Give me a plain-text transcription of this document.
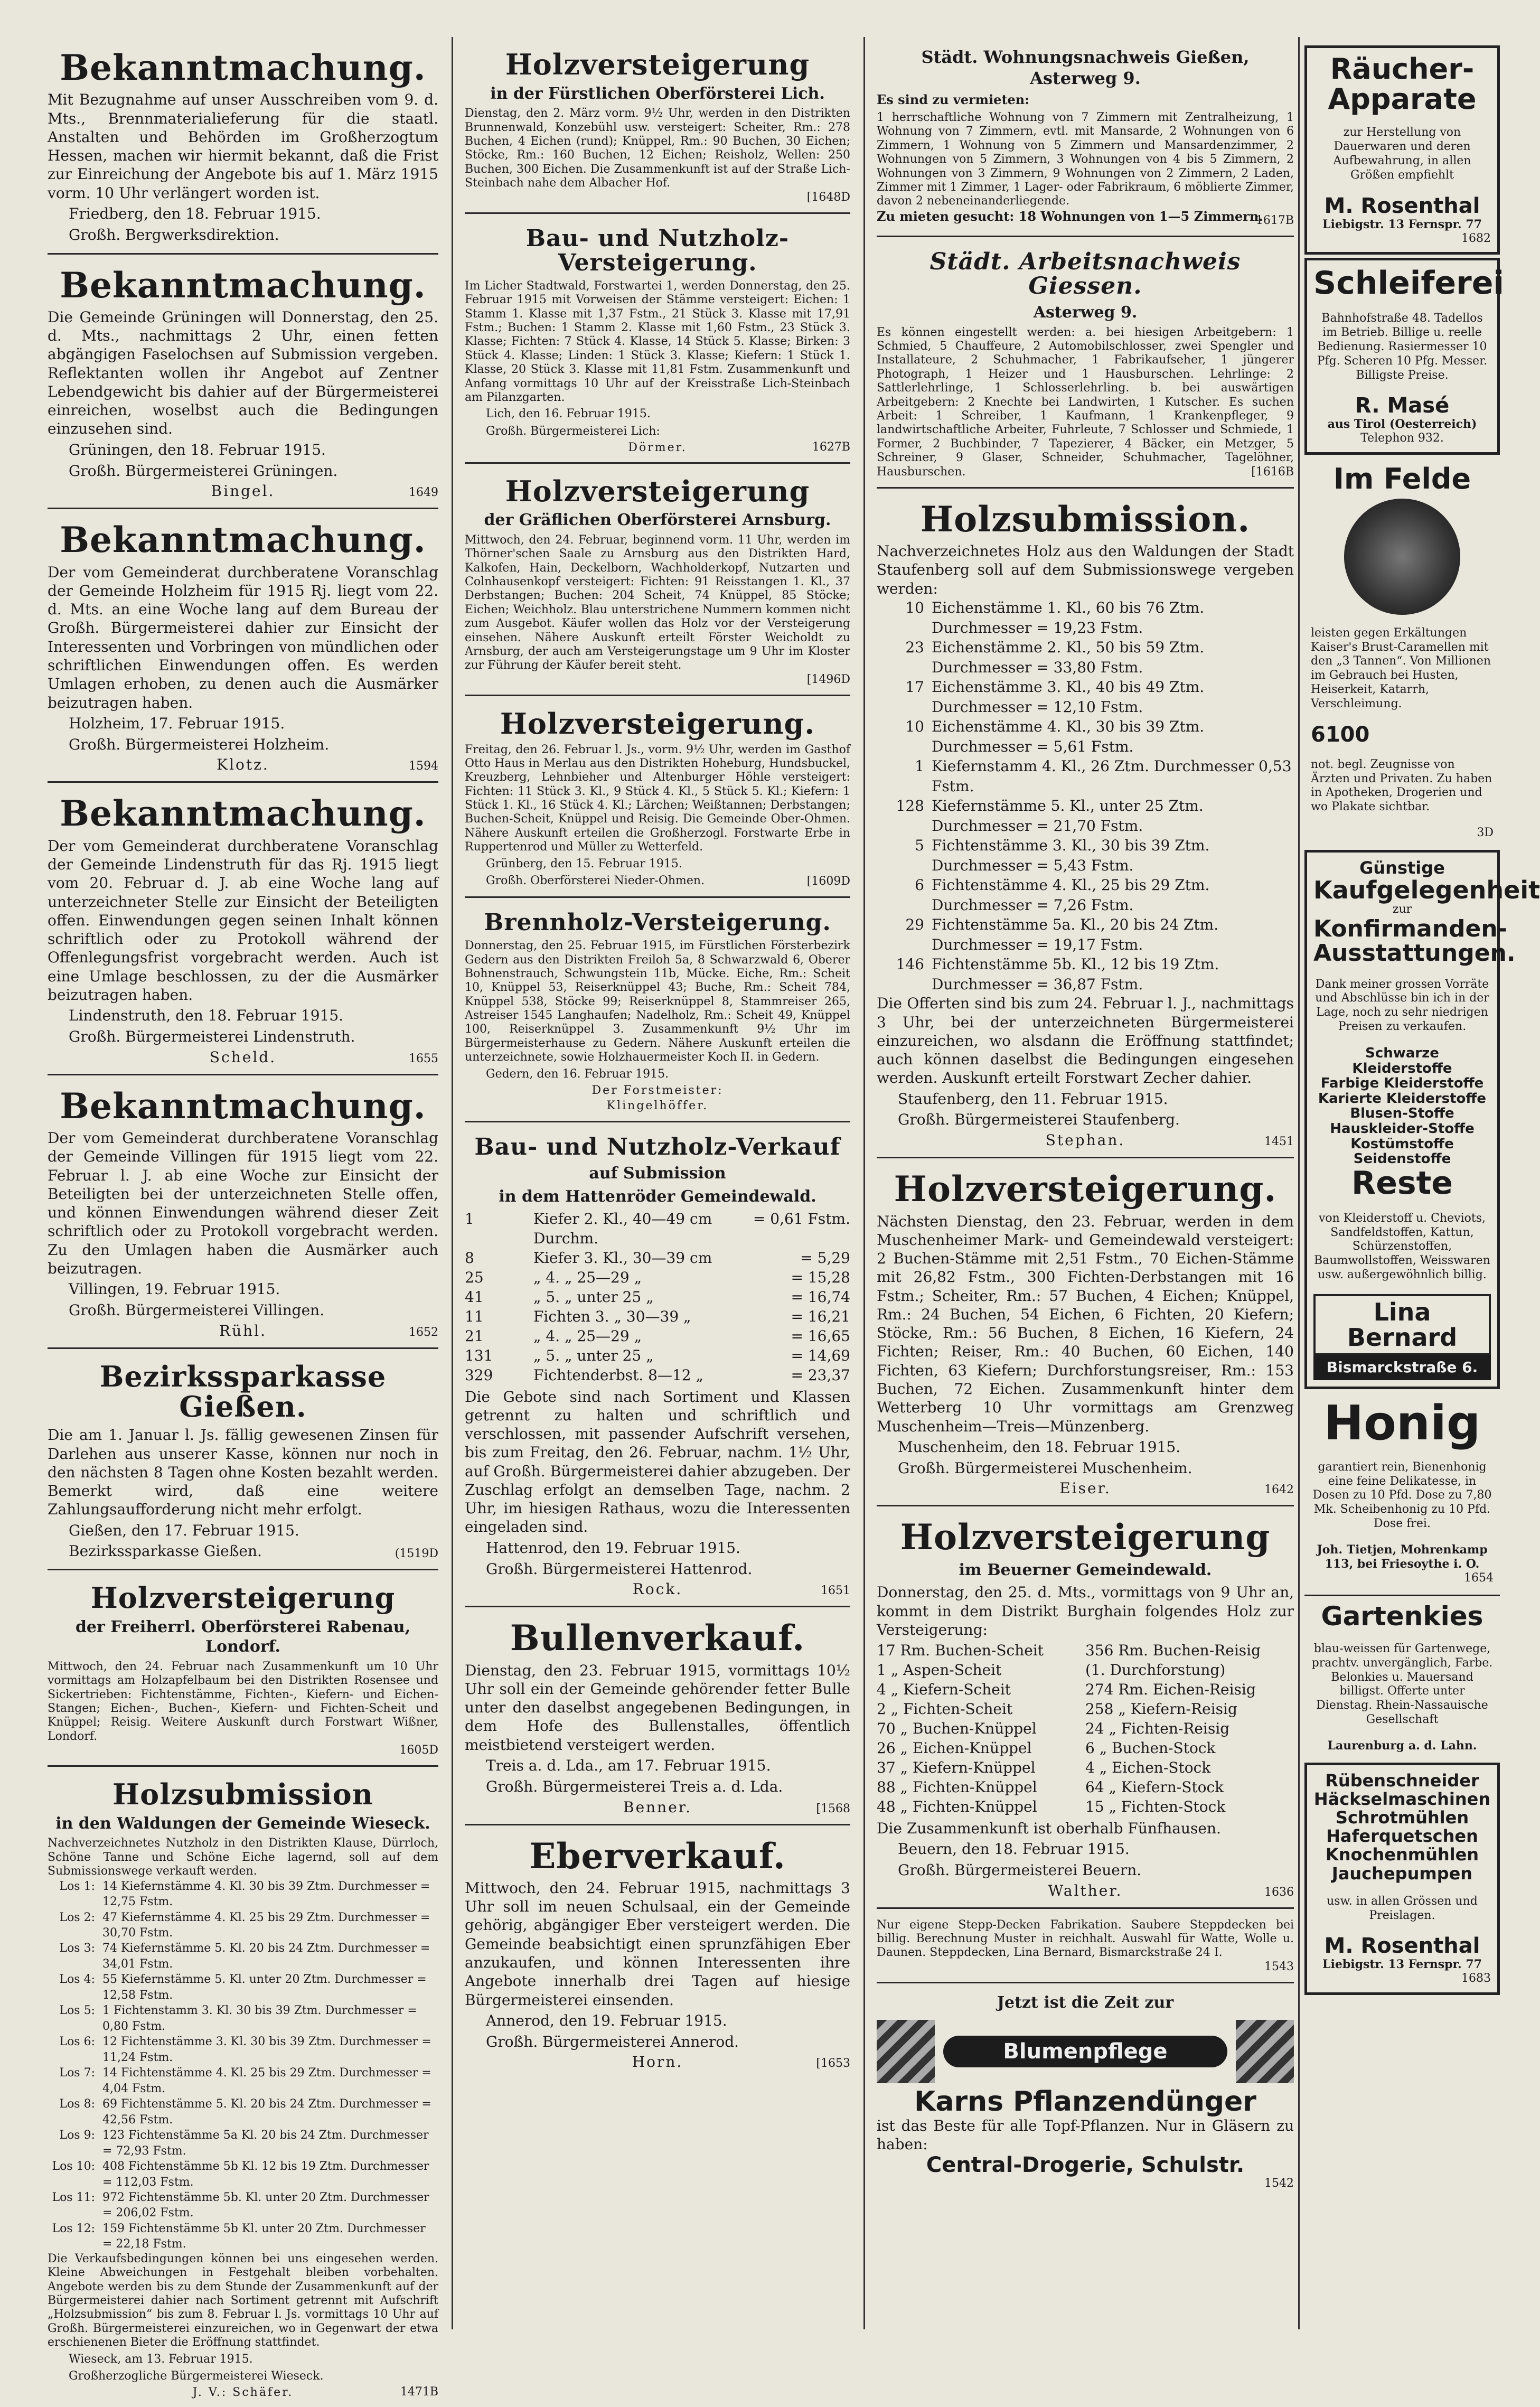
Bekanntmachung.

Mit Bezugnahme auf unser Ausschreiben vom 9. d. Mts., Brennmaterialieferung für die staatl. Anstalten und Behörden im Großherzogtum Hessen, machen wir hiermit bekannt, daß die Frist zur Einreichung der Angebote bis auf 1. März 1915 vorm. 10 Uhr verlängert worden ist.

Friedberg, den 18. Februar 1915.

Großh. Bergwerksdirektion.

Bekanntmachung.

Die Gemeinde Grüningen will Donnerstag, den 25. d. Mts., nachmittags 2 Uhr, einen fetten abgängigen Faselochsen auf Submission vergeben. Reflektanten wollen ihr Angebot auf Zentner Lebendgewicht bis dahier auf der Bürgermeisterei einreichen, woselbst auch die Bedingungen einzusehen sind.

Grüningen, den 18. Februar 1915.

Großh. Bürgermeisterei Grüningen.

Bingel.	1649

Bekanntmachung.

Der vom Gemeinderat durchberatene Voranschlag der Gemeinde Holzheim für 1915 Rj. liegt vom 22. d. Mts. an eine Woche lang auf dem Bureau der Großh. Bürgermeisterei dahier zur Einsicht der Interessenten und Vorbringen von mündlichen oder schriftlichen Einwendungen offen. Es werden Umlagen erhoben, zu denen auch die Ausmärker beizutragen haben.

Holzheim, 17. Februar 1915.

Großh. Bürgermeisterei Holzheim.

Klotz.	1594

Bekanntmachung.

Der vom Gemeinderat durchberatene Voranschlag der Gemeinde Lindenstruth für das Rj. 1915 liegt vom 20. Februar d. J. ab eine Woche lang auf unterzeichneter Stelle zur Einsicht der Beteiligten offen. Einwendungen gegen seinen Inhalt können schriftlich oder zu Protokoll während der Offenlegungsfrist vorgebracht werden. Auch ist eine Umlage beschlossen, zu der die Ausmärker beizutragen haben.

Lindenstruth, den 18. Februar 1915.

Großh. Bürgermeisterei Lindenstruth.

Scheld.	1655

Bekanntmachung.

Der vom Gemeinderat durchberatene Voranschlag der Gemeinde Villingen für 1915 liegt vom 22. Februar l. J. ab eine Woche zur Einsicht der Beteiligten bei der unterzeichneten Stelle offen, und können Einwendungen während dieser Zeit schriftlich oder zu Protokoll vorgebracht werden. Zu den Umlagen haben die Ausmärker auch beizutragen.

Villingen, 19. Februar 1915.

Großh. Bürgermeisterei Villingen.

Rühl.	1652

Bezirkssparkasse Gießen.

Die am 1. Januar l. Js. fällig gewesenen Zinsen für Darlehen aus unserer Kasse, können nur noch in den nächsten 8 Tagen ohne Kosten bezahlt werden. Bemerkt wird, daß eine weitere Zahlungsaufforderung nicht mehr erfolgt.

Gießen, den 17. Februar 1915.

Bezirkssparkasse Gießen.	(1519D

Holzversteigerung

der Freiherrl. Oberförsterei Rabenau, Londorf.

Mittwoch, den 24. Februar nach Zusammenkunft um 10 Uhr vormittags am Holzapfelbaum bei den Distrikten Rosensee und Sickertrieben: Fichtenstämme, Fichten-, Kiefern- und Eichen-Stangen; Eichen-, Buchen-, Kiefern- und Fichten-Scheit und Knüppel; Reisig. Weitere Auskunft durch Forstwart Wißner, Londorf.

1605D

Holzsubmission

in den Waldungen der Gemeinde Wieseck.

Nachverzeichnetes Nutzholz in den Distrikten Klause, Dürrloch, Schöne Tanne und Schöne Eiche lagernd, soll auf dem Submissionswege verkauft werden.

Los 1: 14 Kiefernstämme 4. Kl. 30 bis 39 Ztm. Durchmesser = 12,75 Fstm.
Los 2: 47 Kiefernstämme 4. Kl. 25 bis 29 Ztm. Durchmesser = 30,70 Fstm.
Los 3: 74 Kiefernstämme 5. Kl. 20 bis 24 Ztm. Durchmesser = 34,01 Fstm.
Los 4: 55 Kiefernstämme 5. Kl. unter 20 Ztm. Durchmesser = 12,58 Fstm.
Los 5: 1 Fichtenstamm 3. Kl. 30 bis 39 Ztm. Durchmesser = 0,80 Fstm.
Los 6: 12 Fichtenstämme 3. Kl. 30 bis 39 Ztm. Durchmesser = 11,24 Fstm.
Los 7: 14 Fichtenstämme 4. Kl. 25 bis 29 Ztm. Durchmesser = 4,04 Fstm.
Los 8: 69 Fichtenstämme 5. Kl. 20 bis 24 Ztm. Durchmesser = 42,56 Fstm.
Los 9: 123 Fichtenstämme 5a Kl. 20 bis 24 Ztm. Durchmesser = 72,93 Fstm.
Los 10: 408 Fichtenstämme 5b Kl. 12 bis 19 Ztm. Durchmesser = 112,03 Fstm.
Los 11: 972 Fichtenstämme 5b. Kl. unter 20 Ztm. Durchmesser = 206,02 Fstm.
Los 12: 159 Fichtenstämme 5b Kl. unter 20 Ztm. Durchmesser = 22,18 Fstm.

Die Verkaufsbedingungen können bei uns eingesehen werden. Kleine Abweichungen in Festgehalt bleiben vorbehalten. Angebote werden bis zu dem Stunde der Zusammenkunft auf der Bürgermeisterei dahier nach Sortiment getrennt mit Aufschrift „Holzsubmission“ bis zum 8. Februar l. Js. vormittags 10 Uhr auf Großh. Bürgermeisterei einzureichen, wo in Gegenwart der etwa erschienenen Bieter die Eröffnung stattfindet.

Wieseck, am 13. Februar 1915.

Großherzogliche Bürgermeisterei Wieseck.

J. V.: Schäfer.	1471B

Holzversteigerung

in der Fürstlichen Oberförsterei Lich.

Dienstag, den 2. März vorm. 9½ Uhr, werden in den Distrikten Brunnenwald, Konzebühl usw. versteigert: Scheiter, Rm.: 278 Buchen, 4 Eichen (rund); Knüppel, Rm.: 90 Buchen, 30 Eichen; Stöcke, Rm.: 160 Buchen, 12 Eichen; Reisholz, Wellen: 250 Buchen, 300 Eichen. Die Zusammenkunft ist auf der Straße Lich-Steinbach nahe dem Albacher Hof.

[1648D

Bau- und Nutzholz-Versteigerung.

Im Licher Stadtwald, Forstwartei 1, werden Donnerstag, den 25. Februar 1915 mit Vorweisen der Stämme versteigert: Eichen: 1 Stamm 1. Klasse mit 1,37 Fstm., 21 Stück 3. Klasse mit 17,91 Fstm.; Buchen: 1 Stamm 2. Klasse mit 1,60 Fstm., 23 Stück 3. Klasse; Fichten: 7 Stück 4. Klasse, 14 Stück 5. Klasse; Birken: 3 Stück 4. Klasse; Linden: 1 Stück 3. Klasse; Kiefern: 1 Stück 1. Klasse, 20 Stück 3. Klasse mit 11,81 Fstm. Zusammenkunft und Anfang vormittags 10 Uhr auf der Kreisstraße Lich-Steinbach am Pilanzgarten.

Lich, den 16. Februar 1915.

Großh. Bürgermeisterei Lich:

Dörmer.	1627B

Holzversteigerung

der Gräflichen Oberförsterei Arnsburg.

Mittwoch, den 24. Februar, beginnend vorm. 11 Uhr, werden im Thörner'schen Saale zu Arnsburg aus den Distrikten Hard, Kalkofen, Hain, Deckelborn, Wachholderkopf, Nutzarten und Colnhausenkopf versteigert: Fichten: 91 Reisstangen 1. Kl., 37 Derbstangen; Buchen: 204 Scheit, 74 Knüppel, 85 Stöcke; Eichen; Weichholz. Blau unterstrichene Nummern kommen nicht zum Ausgebot. Käufer wollen das Holz vor der Versteigerung einsehen. Nähere Auskunft erteilt Förster Weicholdt zu Arnsburg, der auch am Versteigerungstage um 9 Uhr im Kloster zur Führung der Käufer bereit steht.

[1496D

Holzversteigerung.

Freitag, den 26. Februar l. Js., vorm. 9½ Uhr, werden im Gasthof Otto Haus in Merlau aus den Distrikten Hoheburg, Hundsbuckel, Kreuzberg, Lehnbieher und Altenburger Höhle versteigert: Fichten: 11 Stück 3. Kl., 9 Stück 4. Kl., 5 Stück 5. Kl.; Kiefern: 1 Stück 1. Kl., 16 Stück 4. Kl.; Lärchen; Weißtannen; Derbstangen; Buchen-Scheit, Knüppel und Reisig. Die Gemeinde Ober-Ohmen. Nähere Auskunft erteilen die Großherzogl. Forstwarte Erbe in Ruppertenrod und Müller zu Wetterfeld.

Grünberg, den 15. Februar 1915.

Großh. Oberförsterei Nieder-Ohmen.	[1609D

Brennholz-Versteigerung.

Donnerstag, den 25. Februar 1915, im Fürstlichen Försterbezirk Gedern aus den Distrikten Freiloh 5a, 8 Schwarzwald 6, Oberer Bohnenstrauch, Schwungstein 11b, Mücke. Eiche, Rm.: Scheit 10, Knüppel 53, Reiserknüppel 43; Buche, Rm.: Scheit 784, Knüppel 538, Stöcke 99; Reiserknüppel 8, Stammreiser 265, Astreiser 1545 Langhaufen; Nadelholz, Rm.: Scheit 49, Knüppel 100, Reiserknüppel 3. Zusammenkunft 9½ Uhr im Bürgermeisterhause zu Gedern. Nähere Auskunft erteilen die unterzeichnete, sowie Holzhauermeister Koch II. in Gedern.

Gedern, den 16. Februar 1915.

Der Forstmeister:

Klingelhöffer.

Bau- und Nutzholz-Verkauf

auf Submission

in dem Hattenröder Gemeindewald.

1	Kiefer 2. Kl., 40—49 cm Durchm.
= 0,61 Fstm.
8	Kiefer 3. Kl., 30—39 cm	= 5,29
25	„ 4. „ 25—29 „	= 15,28
41	„ 5. „ unter 25 „	= 16,74
11	Fichten 3. „ 30—39 „	= 16,21
21	„ 4. „ 25—29 „	= 16,65
131	„ 5. „ unter 25 „	= 14,69
329	Fichtenderbst. 8—12 „	= 23,37

Die Gebote sind nach Sortiment und Klassen getrennt zu halten und schriftlich und verschlossen, mit passender Aufschrift versehen, bis zum Freitag, den 26. Februar, nachm. 1½ Uhr, auf Großh. Bürgermeisterei dahier abzugeben. Der Zuschlag erfolgt an demselben Tage, nachm. 2 Uhr, im hiesigen Rathaus, wozu die Interessenten eingeladen sind.

Hattenrod, den 19. Februar 1915.

Großh. Bürgermeisterei Hattenrod.

Rock.	1651

Bullenverkauf.

Dienstag, den 23. Februar 1915, vormittags 10½ Uhr soll ein der Gemeinde gehörender fetter Bulle unter den daselbst angegebenen Bedingungen, in dem Hofe des Bullenstalles, öffentlich meistbietend versteigert werden.

Treis a. d. Lda., am 17. Februar 1915.

Großh. Bürgermeisterei Treis a. d. Lda.

Benner.	[1568

Eberverkauf.

Mittwoch, den 24. Februar 1915, nachmittags 3 Uhr soll im neuen Schulsaal, ein der Gemeinde gehörig, abgängiger Eber versteigert werden. Die Gemeinde beabsichtigt einen sprunzfähigen Eber anzukaufen, und können Interessenten ihre Angebote innerhalb drei Tagen auf hiesige Bürgermeisterei einsenden.

Annerod, den 19. Februar 1915.

Großh. Bürgermeisterei Annerod.

Horn.	[1653

Städt. Wohnungsnachweis Gießen, Asterweg 9.

Es sind zu vermieten:

1 herrschaftliche Wohnung von 7 Zimmern mit Zentralheizung, 1 Wohnung von 7 Zimmern, evtl. mit Mansarde, 2 Wohnungen von 6 Zimmern, 1 Wohnung von 5 Zimmern und Mansardenzimmer, 2 Wohnungen von 5 Zimmern, 3 Wohnungen von 4 bis 5 Zimmern, 2 Wohnungen von 3 Zimmern, 9 Wohnungen von 2 Zimmern, 2 Laden, Zimmer mit 1 Zimmer, 1 Lager- oder Fabrikraum, 6 möblierte Zimmer, davon 2 nebeneinanderliegende.

Zu mieten gesucht: 18 Wohnungen von 1—5 Zimmern.

1617B

Städt. Arbeitsnachweis Giessen.

Asterweg 9.

Es können eingestellt werden: a. bei hiesigen Arbeitgebern: 1 Schmied, 5 Chauffeure, 2 Automobilschlosser, zwei Spengler und Installateure, 2 Schuhmacher, 1 Fabrikaufseher, 1 jüngerer Photograph, 1 Heizer und 1 Hausburschen. Lehrlinge: 2 Sattlerlehrlinge, 1 Schlosserlehrling. b. bei auswärtigen Arbeitgebern: 2 Knechte bei Landwirten, 1 Kutscher. Es suchen Arbeit: 1 Schreiber, 1 Kaufmann, 1 Krankenpfleger, 9 landwirtschaftliche Arbeiter, Fuhrleute, 7 Schlosser und Schmiede, 1 Former, 2 Buchbinder, 7 Tapezierer, 4 Bäcker, ein Metzger, 5 Schreiner, 9 Glaser, Schneider, Schuhmacher, Tagelöhner, Hausburschen.	[1616B

Holzsubmission.

Nachverzeichnetes Holz aus den Waldungen der Stadt Staufenberg soll auf dem Submissionswege vergeben werden:

10 Eichenstämme 1. Kl., 60 bis 76 Ztm. Durchmesser = 19,23 Fstm.
23 Eichenstämme 2. Kl., 50 bis 59 Ztm. Durchmesser = 33,80 Fstm.
17 Eichenstämme 3. Kl., 40 bis 49 Ztm. Durchmesser = 12,10 Fstm.
10 Eichenstämme 4. Kl., 30 bis 39 Ztm. Durchmesser = 5,61 Fstm.
1 Kiefernstamm 4. Kl., 26 Ztm. Durchmesser 0,53 Fstm.
128 Kiefernstämme 5. Kl., unter 25 Ztm. Durchmesser = 21,70 Fstm.
5 Fichtenstämme 3. Kl., 30 bis 39 Ztm. Durchmesser = 5,43 Fstm.
6 Fichtenstämme 4. Kl., 25 bis 29 Ztm. Durchmesser = 7,26 Fstm.
29 Fichtenstämme 5a. Kl., 20 bis 24 Ztm. Durchmesser = 19,17 Fstm.
146 Fichtenstämme 5b. Kl., 12 bis 19 Ztm. Durchmesser = 36,87 Fstm.

Die Offerten sind bis zum 24. Februar l. J., nachmittags 3 Uhr, bei der unterzeichneten Bürgermeisterei einzureichen, wo alsdann die Eröffnung stattfindet; auch können daselbst die Bedingungen eingesehen werden. Auskunft erteilt Forstwart Zecher dahier.

Staufenberg, den 11. Februar 1915.

Großh. Bürgermeisterei Staufenberg.

Stephan.	1451

Holzversteigerung.

Nächsten Dienstag, den 23. Februar, werden in dem Muschenheimer Mark- und Gemeindewald versteigert: 2 Buchen-Stämme mit 2,51 Fstm., 70 Eichen-Stämme mit 26,82 Fstm., 300 Fichten-Derbstangen mit 16 Fstm.; Scheiter, Rm.: 57 Buchen, 4 Eichen; Knüppel, Rm.: 24 Buchen, 54 Eichen, 6 Fichten, 20 Kiefern; Stöcke, Rm.: 56 Buchen, 8 Eichen, 16 Kiefern, 24 Fichten; Reiser, Rm.: 40 Buchen, 60 Eichen, 140 Fichten, 63 Kiefern; Durchforstungsreiser, Rm.: 153 Buchen, 72 Eichen. Zusammenkunft hinter dem Wetterberg 10 Uhr vormittags am Grenzweg Muschenheim—Treis—Münzenberg.

Muschenheim, den 18. Februar 1915.

Großh. Bürgermeisterei Muschenheim.

Eiser.	1642

Holzversteigerung

im Beuerner Gemeindewald.

Donnerstag, den 25. d. Mts., vormittags von 9 Uhr an, kommt in dem Distrikt Burghain folgendes Holz zur Versteigerung:

17 Rm. Buchen-Scheit	356 Rm. Buchen-Reisig
1 „ Aspen-Scheit	(1. Durchforstung)
4 „ Kiefern-Scheit	274 Rm. Eichen-Reisig
2 „ Fichten-Scheit	258 „ Kiefern-Reisig
70 „ Buchen-Knüppel	24 „ Fichten-Reisig
26 „ Eichen-Knüppel	6 „ Buchen-Stock
37 „ Kiefern-Knüppel	4 „ Eichen-Stock
88 „ Fichten-Knüppel	64 „ Kiefern-Stock
48 „ Fichten-Knüppel	15 „ Fichten-Stock

Die Zusammenkunft ist oberhalb Fünfhausen.

Beuern, den 18. Februar 1915.

Großh. Bürgermeisterei Beuern.

Walther.	1636

Nur eigene Stepp-Decken Fabrikation. Saubere Steppdecken bei billig. Berechnung Muster in reichhalt. Auswahl für Watte, Wolle u. Daunen. Steppdecken, Lina Bernard, Bismarckstraße 24 I.

1543

Jetzt ist die Zeit zur

Blumenpflege
Karns Pflanzendünger

ist das Beste für alle Topf-Pflanzen. Nur in Gläsern zu haben:

Central-Drogerie, Schulstr.

1542

Räucher-Apparate

zur Herstellung von Dauerwaren und deren Aufbewahrung, in allen Größen empfiehlt

M. Rosenthal
Liebigstr. 13 Fernspr. 77
1682
Schleiferei

Bahnhofstraße 48. Tadellos im Betrieb. Billige u. reelle Bedienung. Rasiermesser 10 Pfg. Scheren 10 Pfg. Messer. Billigste Preise.

R. Masé
aus Tirol (Oesterreich)
Telephon 932.
Im Felde

leisten gegen Erkältungen Kaiser's Brust-Caramellen mit den „3 Tannen“. Von Millionen im Gebrauch bei Husten, Heiserkeit, Katarrh, Verschleimung.

6100

not. begl. Zeugnisse von Ärzten und Privaten. Zu haben in Apotheken, Drogerien und wo Plakate sichtbar.

3D
Günstige
Kaufgelegenheit
zur
Konfirmanden-Ausstattungen.

Dank meiner grossen Vorräte und Abschlüsse bin ich in der Lage, noch zu sehr niedrigen Preisen zu verkaufen.

Schwarze Kleiderstoffe
Farbige Kleiderstoffe
Karierte Kleiderstoffe
Blusen-Stoffe
Hauskleider-Stoffe
Kostümstoffe
Seidenstoffe
Reste

von Kleiderstoff u. Cheviots, Sandfeldstoffen, Kattun, Schürzenstoffen, Baumwollstoffen, Weisswaren usw. außergewöhnlich billig.

Lina Bernard
Bismarckstraße 6.
Honig

garantiert rein, Bienenhonig eine feine Delikatesse, in Dosen zu 10 Pfd. Dose zu 7,80 Mk. Scheibenhonig zu 10 Pfd. Dose frei.

Joh. Tietjen, Mohrenkamp 113, bei Friesoythe i. O.
1654
Gartenkies

blau-weissen für Gartenwege, prachtv. unvergänglich, Farbe. Belonkies u. Mauersand billigst. Offerte unter Dienstag. Rhein-Nassauische Gesellschaft

Laurenburg a. d. Lahn.
Rübenschneider
Häckselmaschinen
Schrotmühlen
Haferquetschen
Knochenmühlen
Jauchepumpen

usw. in allen Grössen und Preislagen.

M. Rosenthal
Liebigstr. 13 Fernspr. 77
1683
